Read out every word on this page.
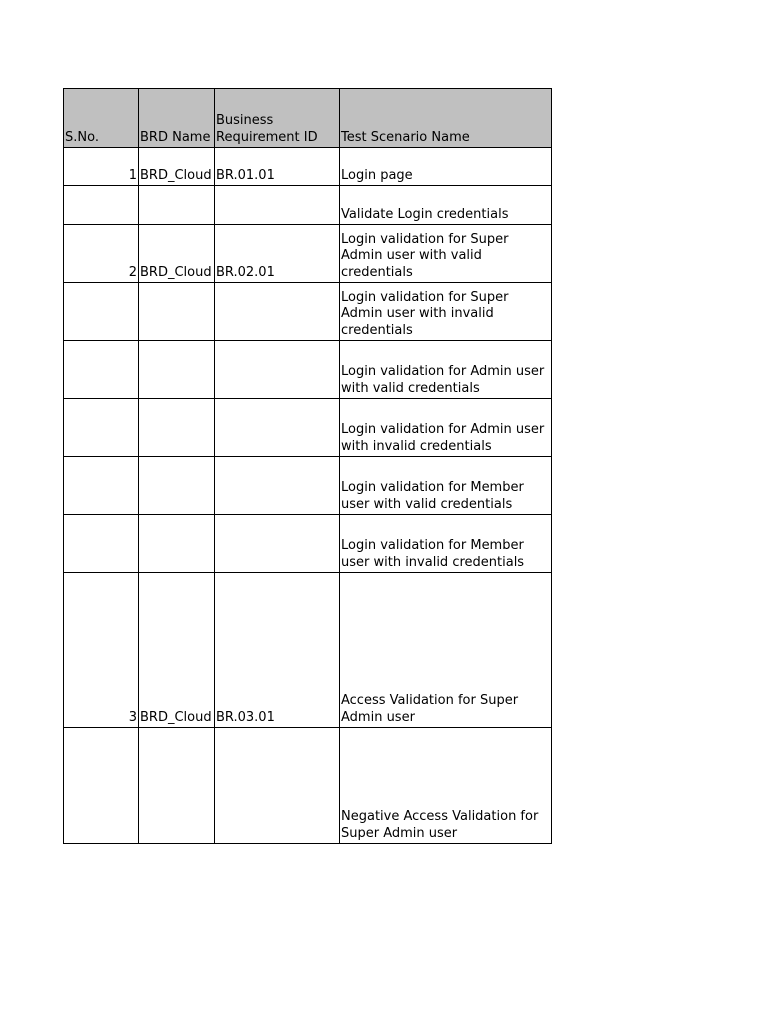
S.No.	BRD Name	Business Requirement ID	Test Scenario Name
1	BRD_Cloud	BR.01.01	Login page
			Validate Login credentials
2	BRD_Cloud	BR.02.01	Login validation for Super Admin user with valid credentials
			Login validation for Super Admin user with invalid credentials
			Login validation for Admin user with valid credentials
			Login validation for Admin user with invalid credentials
			Login validation for Member user with valid credentials
			Login validation for Member user with invalid credentials
3	BRD_Cloud	BR.03.01	Access Validation for Super Admin user
			Negative Access Validation for Super Admin user
